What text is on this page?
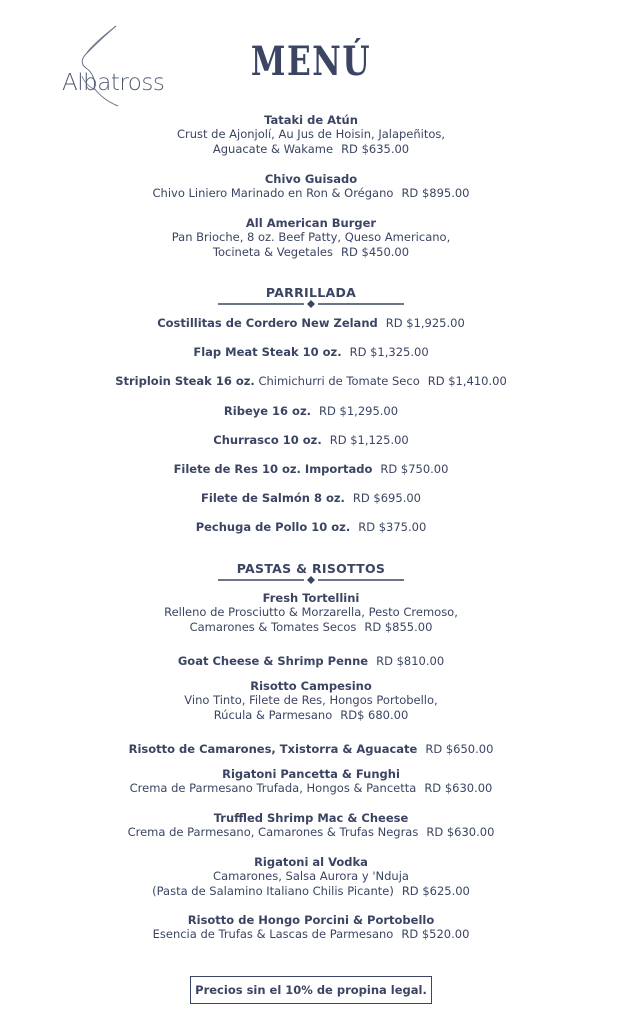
Albatross	MENÚ
Tataki de Atún
Crust de Ajonjolí, Au Jus de Hoisin, Jalapeñitos,
Aguacate & Wakame RD $635.00
Chivo Guisado
Chivo Liniero Marinado en Ron & Orégano RD $895.00
All American Burger
Pan Brioche, 8 oz. Beef Patty, Queso Americano,
Tocineta & Vegetales RD $450.00
PARRILLADA
Costillitas de Cordero New Zeland RD $1,925.00
Flap Meat Steak 10 oz. RD $1,325.00
Striploin Steak 16 oz. Chimichurri de Tomate Seco RD $1,410.00
Ribeye 16 oz. RD $1,295.00
Churrasco 10 oz. RD $1,125.00
Filete de Res 10 oz. Importado RD $750.00
Filete de Salmón 8 oz. RD $695.00
Pechuga de Pollo 10 oz. RD $375.00
PASTAS & RISOTTOS
Fresh Tortellini
Relleno de Prosciutto & Morzarella, Pesto Cremoso,
Camarones & Tomates Secos RD $855.00
Goat Cheese & Shrimp Penne RD $810.00
Risotto Campesino
Vino Tinto, Filete de Res, Hongos Portobello,
Rúcula & Parmesano RD$ 680.00
Risotto de Camarones, Txistorra & Aguacate RD $650.00
Rigatoni Pancetta & Funghi
Crema de Parmesano Trufada, Hongos & Pancetta RD $630.00
Truffled Shrimp Mac & Cheese
Crema de Parmesano, Camarones & Trufas Negras RD $630.00
Rigatoni al Vodka
Camarones, Salsa Aurora y 'Nduja
(Pasta de Salamino Italiano Chilis Picante) RD $625.00
Risotto de Hongo Porcini & Portobello
Esencia de Trufas & Lascas de Parmesano RD $520.00
Precios sin el 10% de propina legal.
